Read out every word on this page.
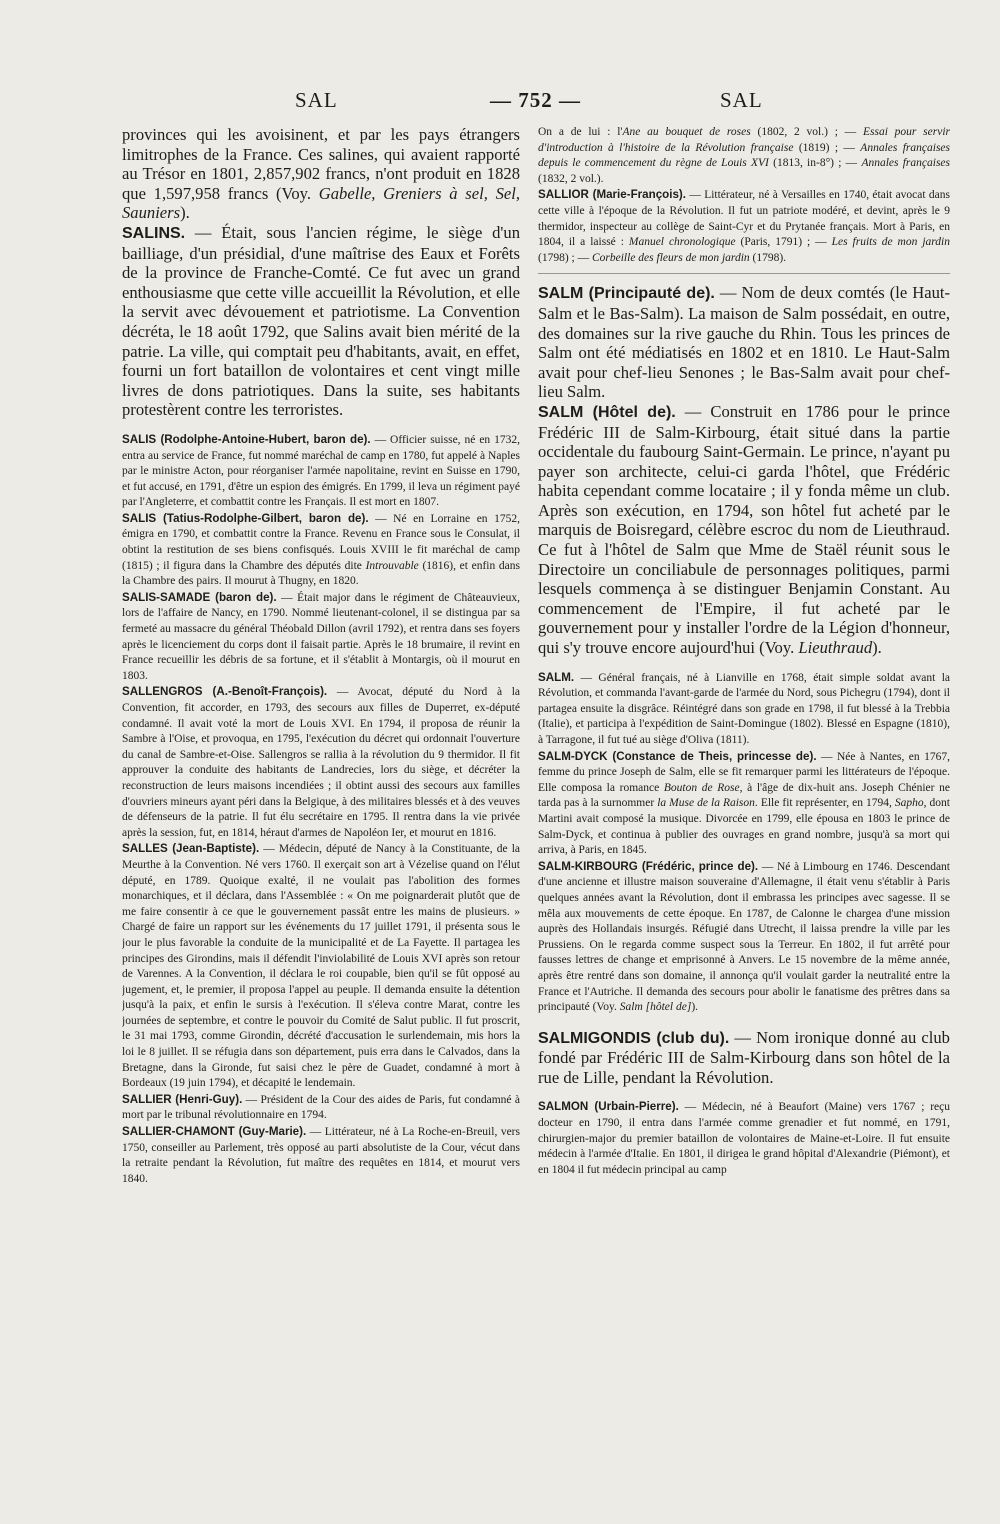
SAL	— 752 —	SAL

provinces qui les avoisinent, et par les pays étrangers limitrophes de la France. Ces salines, qui avaient rapporté au Trésor en 1801, 2,857,902 francs, n'ont produit en 1828 que 1,597,958 francs (Voy. Gabelle, Greniers à sel, Sel, Sauniers).

SALINS. — Était, sous l'ancien régime, le siège d'un bailliage, d'un présidial, d'une maîtrise des Eaux et Forêts de la province de Franche-Comté. Ce fut avec un grand enthousiasme que cette ville accueillit la Révolution, et elle la servit avec dévouement et patriotisme. La Convention décréta, le 18 août 1792, que Salins avait bien mérité de la patrie. La ville, qui comptait peu d'habitants, avait, en effet, fourni un fort bataillon de volontaires et cent vingt mille livres de dons patriotiques. Dans la suite, ses habitants protestèrent contre les terroristes.

SALIS (Rodolphe-Antoine-Hubert, baron de). — Officier suisse, né en 1732, entra au service de France, fut nommé maréchal de camp en 1780, fut appelé à Naples par le ministre Acton, pour réorganiser l'armée napolitaine, revint en Suisse en 1790, et fut accusé, en 1791, d'être un espion des émigrés. En 1799, il leva un régiment payé par l'Angleterre, et combattit contre les Français. Il est mort en 1807.

SALIS (Tatius-Rodolphe-Gilbert, baron de). — Né en Lorraine en 1752, émigra en 1790, et combattit contre la France. Revenu en France sous le Consulat, il obtint la restitution de ses biens confisqués. Louis XVIII le fit maréchal de camp (1815) ; il figura dans la Chambre des députés dite Introuvable (1816), et enfin dans la Chambre des pairs. Il mourut à Thugny, en 1820.

SALIS-SAMADE (baron de). — Était major dans le régiment de Châteauvieux, lors de l'affaire de Nancy, en 1790. Nommé lieutenant-colonel, il se distingua par sa fermeté au massacre du général Théobald Dillon (avril 1792), et rentra dans ses foyers après le licenciement du corps dont il faisait partie. Après le 18 brumaire, il revint en France recueillir les débris de sa fortune, et il s'établit à Montargis, où il mourut en 1803.

SALLENGROS (A.-Benoît-François). — Avocat, député du Nord à la Convention, fit accorder, en 1793, des secours aux filles de Duperret, ex-député condamné. Il avait voté la mort de Louis XVI. En 1794, il proposa de réunir la Sambre à l'Oise, et provoqua, en 1795, l'exécution du décret qui ordonnait l'ouverture du canal de Sambre-et-Oise. Sallengros se rallia à la révolution du 9 thermidor. Il fit approuver la conduite des habitants de Landrecies, lors du siège, et décréter la reconstruction de leurs maisons incendiées ; il obtint aussi des secours aux familles d'ouvriers mineurs ayant péri dans la Belgique, à des militaires blessés et à des veuves de défenseurs de la patrie. Il fut élu secrétaire en 1795. Il rentra dans la vie privée après la session, fut, en 1814, héraut d'armes de Napoléon Ier, et mourut en 1816.

SALLES (Jean-Baptiste). — Médecin, député de Nancy à la Constituante, de la Meurthe à la Convention. Né vers 1760. Il exerçait son art à Vézelise quand on l'élut député, en 1789. Quoique exalté, il ne voulait pas l'abolition des formes monarchiques, et il déclara, dans l'Assemblée : « On me poignarderait plutôt que de me faire consentir à ce que le gouvernement passât entre les mains de plusieurs. » Chargé de faire un rapport sur les événements du 17 juillet 1791, il présenta sous le jour le plus favorable la conduite de la municipalité et de La Fayette. Il partagea les principes des Girondins, mais il défendit l'inviolabilité de Louis XVI après son retour de Varennes. A la Convention, il déclara le roi coupable, bien qu'il se fût opposé au jugement, et, le premier, il proposa l'appel au peuple. Il demanda ensuite la détention jusqu'à la paix, et enfin le sursis à l'exécution. Il s'éleva contre Marat, contre les journées de septembre, et contre le pouvoir du Comité de Salut public. Il fut proscrit, le 31 mai 1793, comme Girondin, décrété d'accusation le surlendemain, mis hors la loi le 8 juillet. Il se réfugia dans son département, puis erra dans le Calvados, dans la Bretagne, dans la Gironde, fut saisi chez le père de Guadet, condamné à mort à Bordeaux (19 juin 1794), et décapité le lendemain.

SALLIER (Henri-Guy). — Président de la Cour des aides de Paris, fut condamné à mort par le tribunal révolutionnaire en 1794.

SALLIER-CHAMONT (Guy-Marie). — Littérateur, né à La Roche-en-Breuil, vers 1750, conseiller au Parlement, très opposé au parti absolutiste de la Cour, vécut dans la retraite pendant la Révolution, fut maître des requêtes en 1814, et mourut vers 1840.

On a de lui : l'Ane au bouquet de roses (1802, 2 vol.) ; — Essai pour servir d'introduction à l'histoire de la Révolution française (1819) ; — Annales françaises depuis le commencement du règne de Louis XVI (1813, in-8°) ; — Annales françaises (1832, 2 vol.).

SALLIOR (Marie-François). — Littérateur, né à Versailles en 1740, était avocat dans cette ville à l'époque de la Révolution. Il fut un patriote modéré, et devint, après le 9 thermidor, inspecteur au collège de Saint-Cyr et du Prytanée français. Mort à Paris, en 1804, il a laissé : Manuel chronologique (Paris, 1791) ; — Les fruits de mon jardin (1798) ; — Corbeille des fleurs de mon jardin (1798).

SALM (Principauté de). — Nom de deux comtés (le Haut-Salm et le Bas-Salm). La maison de Salm possédait, en outre, des domaines sur la rive gauche du Rhin. Tous les princes de Salm ont été médiatisés en 1802 et en 1810. Le Haut-Salm avait pour chef-lieu Senones ; le Bas-Salm avait pour chef-lieu Salm.

SALM (Hôtel de). — Construit en 1786 pour le prince Frédéric III de Salm-Kirbourg, était situé dans la partie occidentale du faubourg Saint-Germain. Le prince, n'ayant pu payer son architecte, celui-ci garda l'hôtel, que Frédéric habita cependant comme locataire ; il y fonda même un club. Après son exécution, en 1794, son hôtel fut acheté par le marquis de Boisregard, célèbre escroc du nom de Lieuthraud. Ce fut à l'hôtel de Salm que Mme de Staël réunit sous le Directoire un conciliabule de personnages politiques, parmi lesquels commença à se distinguer Benjamin Constant. Au commencement de l'Empire, il fut acheté par le gouvernement pour y installer l'ordre de la Légion d'honneur, qui s'y trouve encore aujourd'hui (Voy. Lieuthraud).

SALM. — Général français, né à Lianville en 1768, était simple soldat avant la Révolution, et commanda l'avant-garde de l'armée du Nord, sous Pichegru (1794), dont il partagea ensuite la disgrâce. Réintégré dans son grade en 1798, il fut blessé à la Trebbia (Italie), et participa à l'expédition de Saint-Domingue (1802). Blessé en Espagne (1810), à Tarragone, il fut tué au siège d'Oliva (1811).

SALM-DYCK (Constance de Theis, princesse de). — Née à Nantes, en 1767, femme du prince Joseph de Salm, elle se fit remarquer parmi les littérateurs de l'époque. Elle composa la romance Bouton de Rose, à l'âge de dix-huit ans. Joseph Chénier ne tarda pas à la surnommer la Muse de la Raison. Elle fit représenter, en 1794, Sapho, dont Martini avait composé la musique. Divorcée en 1799, elle épousa en 1803 le prince de Salm-Dyck, et continua à publier des ouvrages en grand nombre, jusqu'à sa mort qui arriva, à Paris, en 1845.

SALM-KIRBOURG (Frédéric, prince de). — Né à Limbourg en 1746. Descendant d'une ancienne et illustre maison souveraine d'Allemagne, il était venu s'établir à Paris quelques années avant la Révolution, dont il embrassa les principes avec sagesse. Il se mêla aux mouvements de cette époque. En 1787, de Calonne le chargea d'une mission auprès des Hollandais insurgés. Réfugié dans Utrecht, il laissa prendre la ville par les Prussiens. On le regarda comme suspect sous la Terreur. En 1802, il fut arrêté pour fausses lettres de change et emprisonné à Anvers. Le 15 novembre de la même année, après être rentré dans son domaine, il annonça qu'il voulait garder la neutralité entre la France et l'Autriche. Il demanda des secours pour abolir le fanatisme des prêtres dans sa principauté (Voy. Salm [hôtel de]).

SALMIGONDIS (club du). — Nom ironique donné au club fondé par Frédéric III de Salm-Kirbourg dans son hôtel de la rue de Lille, pendant la Révolution.

SALMON (Urbain-Pierre). — Médecin, né à Beaufort (Maine) vers 1767 ; reçu docteur en 1790, il entra dans l'armée comme grenadier et fut nommé, en 1791, chirurgien-major du premier bataillon de volontaires de Maine-et-Loire. Il fut ensuite médecin à l'armée d'Italie. En 1801, il dirigea le grand hôpital d'Alexandrie (Piémont), et en 1804 il fut médecin principal au camp
